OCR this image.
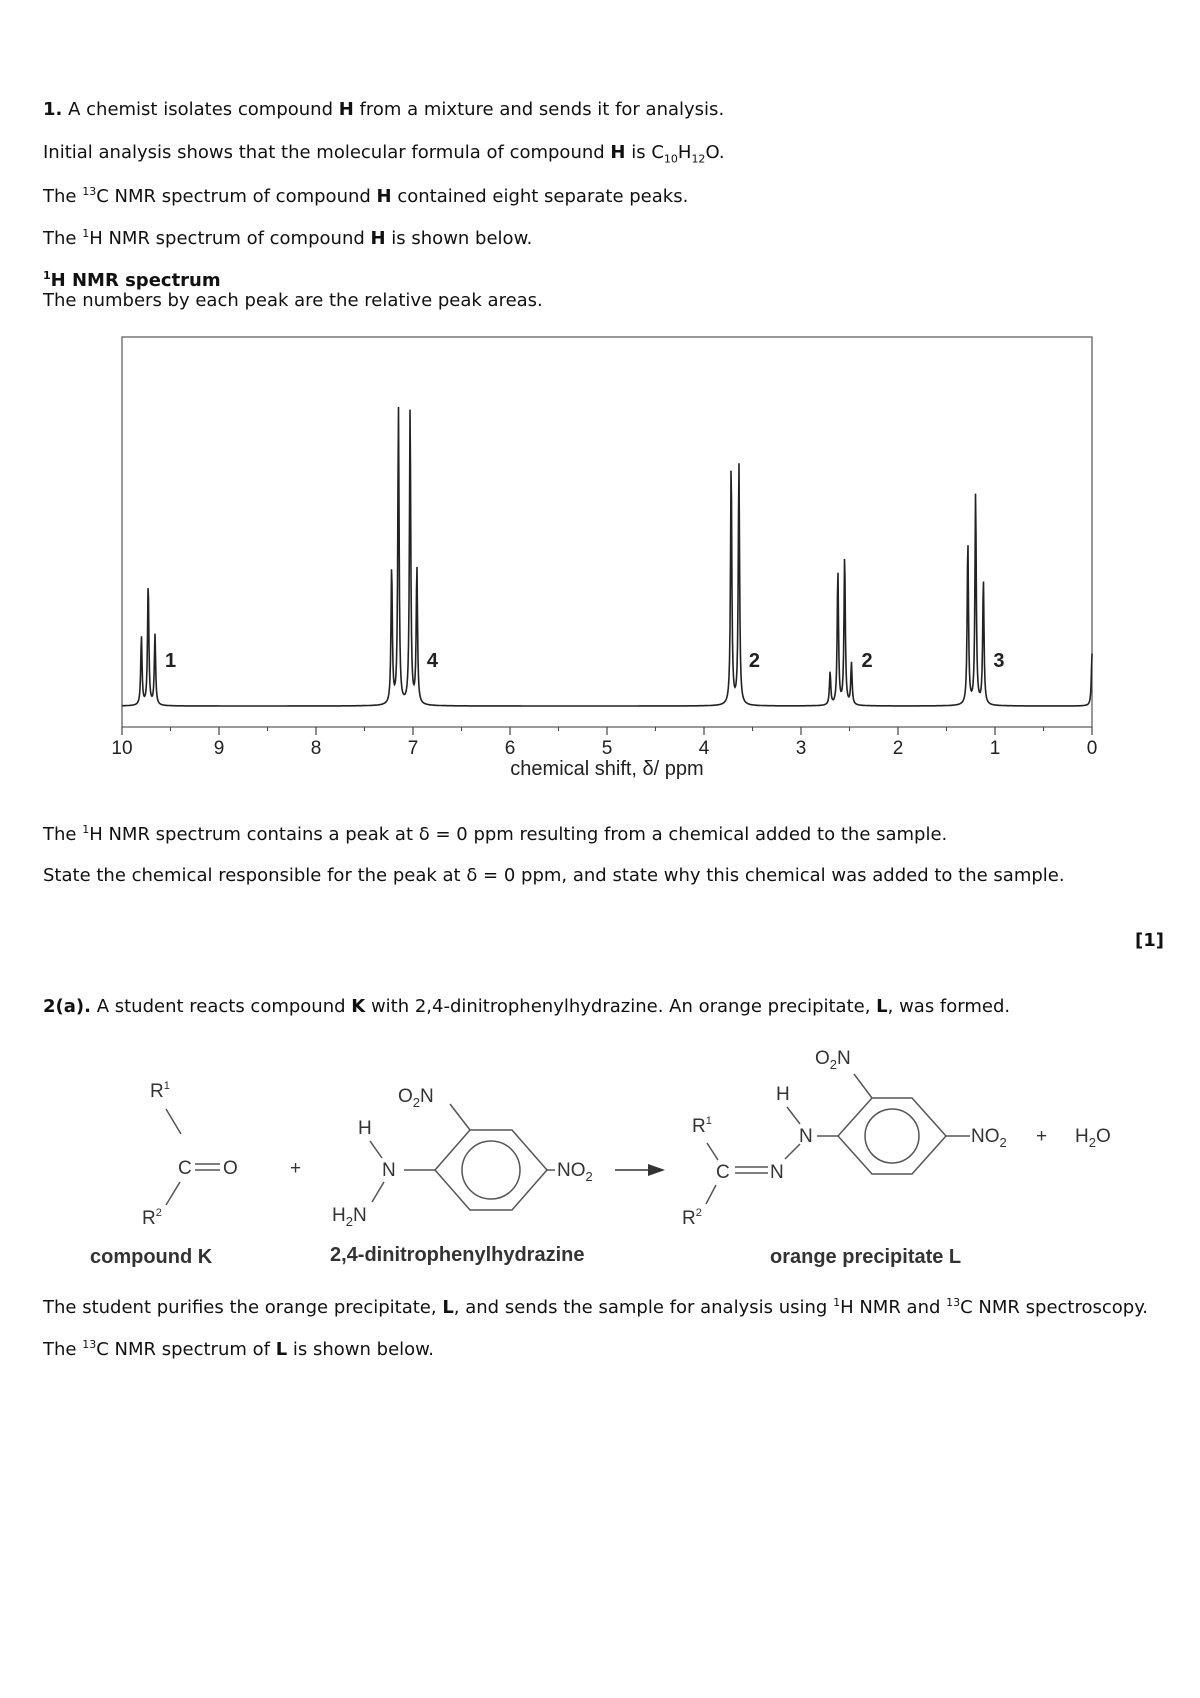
1. A chemist isolates compound H from a mixture and sends it for analysis.
Initial analysis shows that the molecular formula of compound H is $C_{10}H_{12}O$.
The $^{13}$C NMR spectrum of compound H contained eight separate peaks.
The $^1$H NMR spectrum of compound H is shown below.
$^1$H NMR spectrum
The numbers by each peak are the relative peak areas.
10	9	8	7	6	5	4	3	2	1	0
1	4	2	2	3
chemical shift, δ/ ppm
The $^1$H NMR spectrum contains a peak at δ = 0 ppm resulting from a chemical added to the sample.
State the chemical responsible for the peak at δ = 0 ppm, and state why this chemical was added to the sample.
[1]
2(a). A student reacts compound K with 2,4-dinitrophenylhydrazine. An orange precipitate, L, was formed.
$R^1$
C O
$R^2$
+
H
N
$H_2N$
$O_2N$
$NO_2$
$R^1$
C N
$R^2$
N
H
$O_2N$
$NO_2 + H_2O$
compound K	2,4-dinitrophenylhydrazine	orange precipitate L
The student purifies the orange precipitate, L, and sends the sample for analysis using $^1$H NMR and $^{13}$C NMR spectroscopy.
The $^{13}$C NMR spectrum of L is shown below.
